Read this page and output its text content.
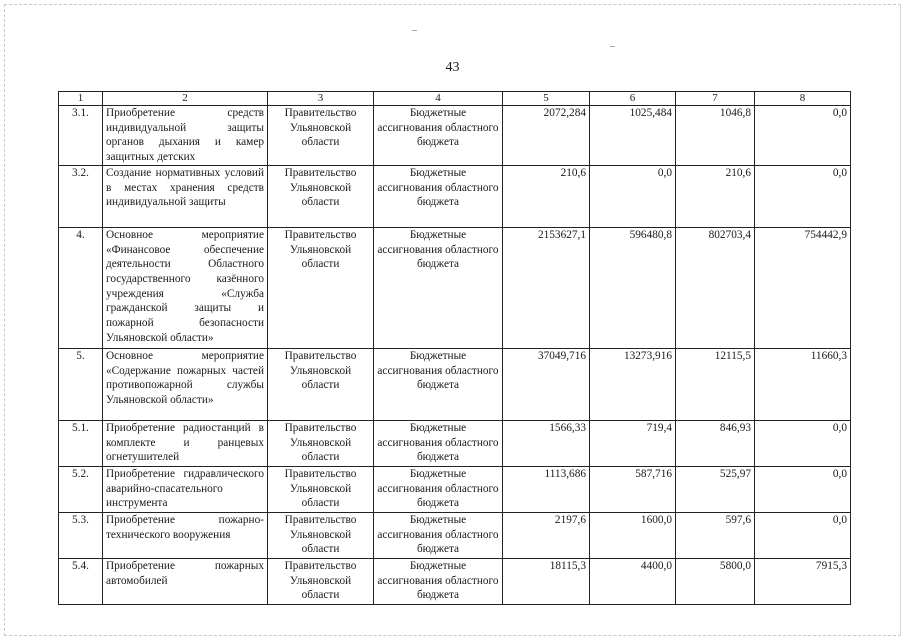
43
1	2	3	4	5	6	7	8
3.1.	Приобретение средств индивидуальной защиты органов дыхания и камер защитных детских	Правительство Ульяновской области	Бюджетные ассигнования областного бюджета	2072,284	1025,484	1046,8	0,0
3.2.	Создание нормативных условий в местах хранения средств индивидуальной защиты	Правительство Ульяновской области	Бюджетные ассигнования областного бюджета	210,6	0,0	210,6	0,0
4.	Основное мероприятие «Финансовое обеспечение деятельности Областного государственного казённого учреждения «Служба гражданской защиты и пожарной безопасности Ульяновской области»	Правительство Ульяновской области	Бюджетные ассигнования областного бюджета	2153627,1	596480,8	802703,4	754442,9
5.	Основное мероприятие «Содержание пожарных частей противопожарной службы Ульяновской области»	Правительство Ульяновской области	Бюджетные ассигнования областного бюджета	37049,716	13273,916	12115,5	11660,3
5.1.	Приобретение радиостанций в комплекте и ранцевых огнетушителей	Правительство Ульяновской области	Бюджетные ассигнования областного бюджета	1566,33	719,4	846,93	0,0
5.2.	Приобретение гидравлического аварийно-спасательного инструмента	Правительство Ульяновской области	Бюджетные ассигнования областного бюджета	1113,686	587,716	525,97	0,0
5.3.	Приобретение пожарно-технического вооружения	Правительство Ульяновской области	Бюджетные ассигнования областного бюджета	2197,6	1600,0	597,6	0,0
5.4.	Приобретение пожарных автомобилей	Правительство Ульяновской области	Бюджетные ассигнования областного бюджета	18115,3	4400,0	5800,0	7915,3
